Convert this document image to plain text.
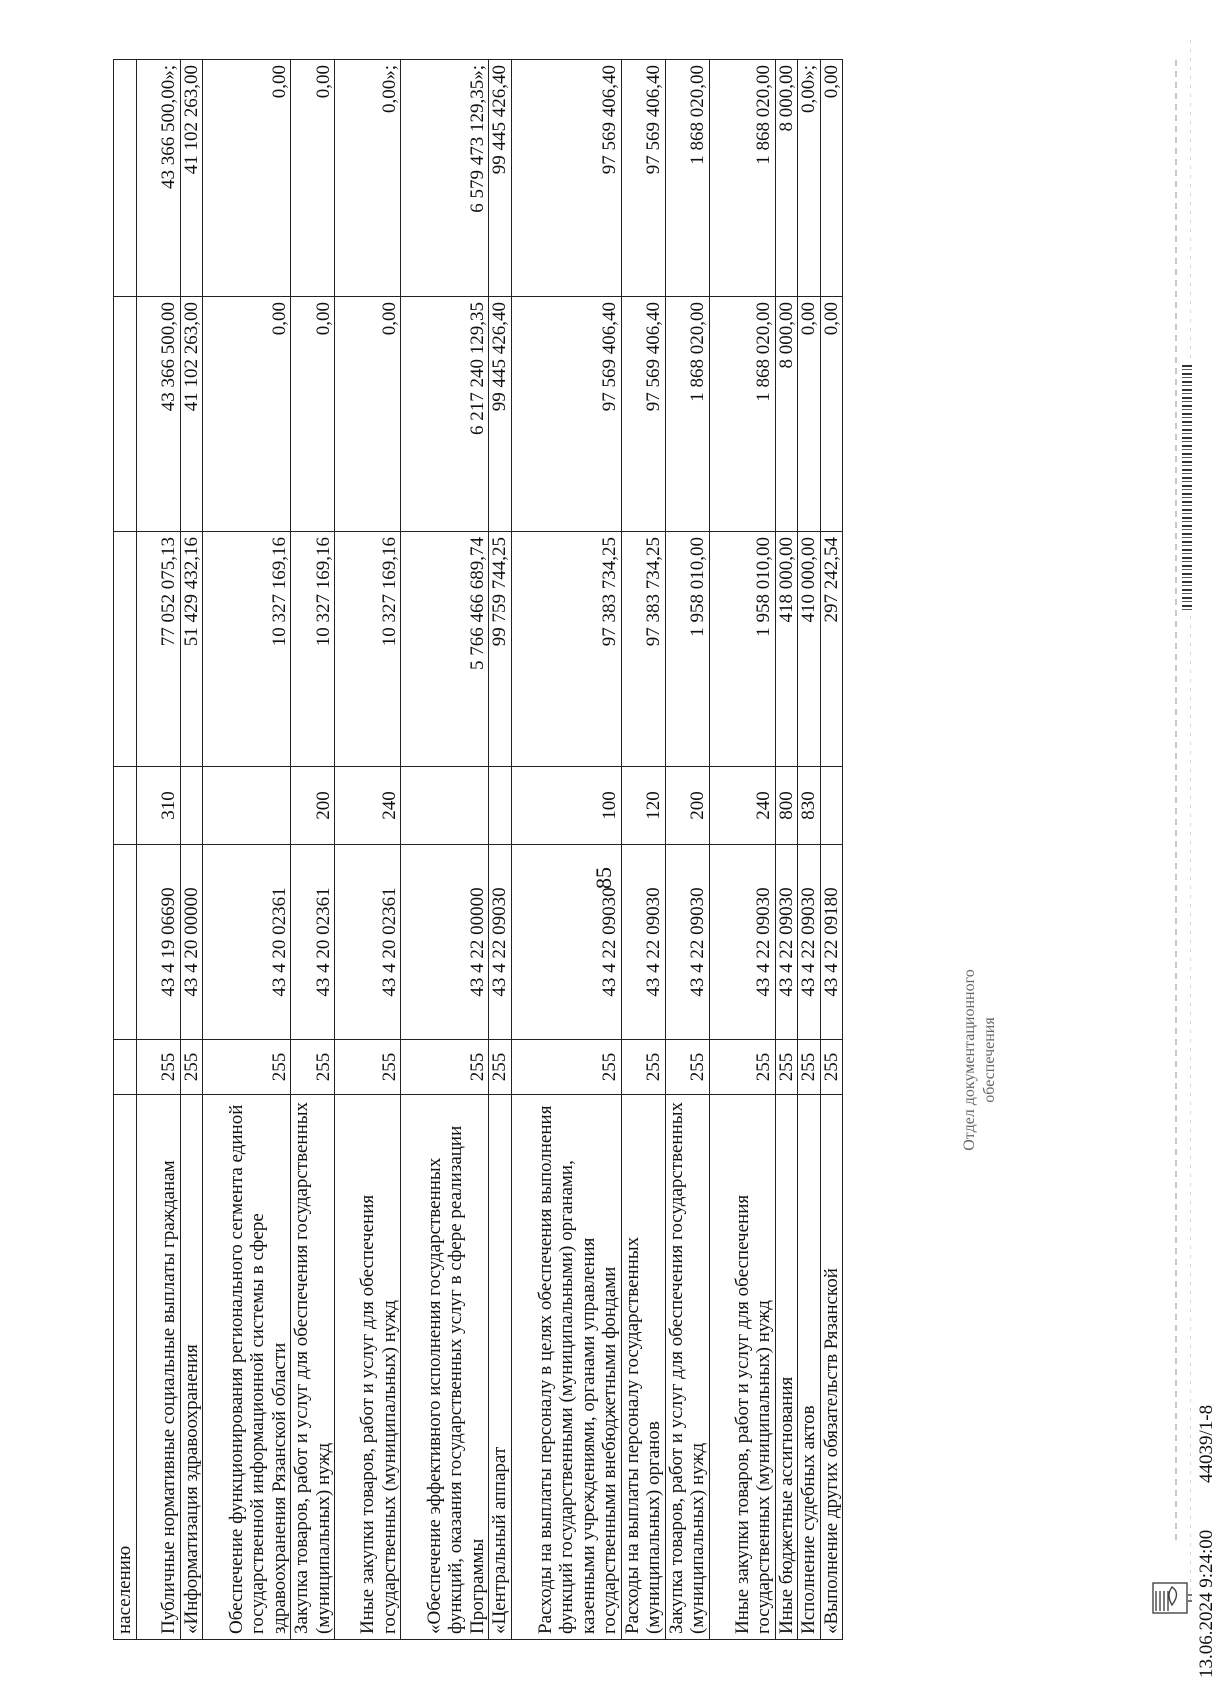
85
населению						
Публичные нормативные социальные выплаты гражданам	255	43 4 19 06690	310	77 052 075,13	43 366 500,00	43 366 500,00»;
«Информатизация здравоохранения	255	43 4 20 00000		51 429 432,16	41 102 263,00	41 102 263,00
Обеспечение функционирования регионального сегмента единой государственной информационной системы в сфере здравоохранения Рязанской области	255	43 4 20 02361		10 327 169,16	0,00	0,00
Закупка товаров, работ и услуг для обеспечения государственных (муниципальных) нужд	255	43 4 20 02361	200	10 327 169,16	0,00	0,00
Иные закупки товаров, работ и услуг для обеспечения государственных (муниципальных) нужд	255	43 4 20 02361	240	10 327 169,16	0,00	0,00»;
«Обеспечение эффективного исполнения государственных функций, оказания государственных услуг в сфере реализации Программы	255	43 4 22 00000		5 766 466 689,74	6 217 240 129,35	6 579 473 129,35»;
«Центральный аппарат	255	43 4 22 09030		99 759 744,25	99 445 426,40	99 445 426,40
Расходы на выплаты персоналу в целях обеспечения выполнения функций государственными (муниципальными) органами, казенными учреждениями, органами управления государственными внебюджетными фондами	255	43 4 22 09030	100	97 383 734,25	97 569 406,40	97 569 406,40
Расходы на выплаты персоналу государственных (муниципальных) органов	255	43 4 22 09030	120	97 383 734,25	97 569 406,40	97 569 406,40
Закупка товаров, работ и услуг для обеспечения государственных (муниципальных) нужд	255	43 4 22 09030	200	1 958 010,00	1 868 020,00	1 868 020,00
Иные закупки товаров, работ и услуг для обеспечения государственных (муниципальных) нужд	255	43 4 22 09030	240	1 958 010,00	1 868 020,00	1 868 020,00
Иные бюджетные ассигнования	255	43 4 22 09030	800	418 000,00	8 000,00	8 000,00
Исполнение судебных актов	255	43 4 22 09030	830	410 000,00	0,00	0,00»;
«Выполнение других обязательств Рязанской	255	43 4 22 09180		297 242,54	0,00	0,00
13.06.2024 9:24:00
44039/1-8
Отдел документационного обеспечения
